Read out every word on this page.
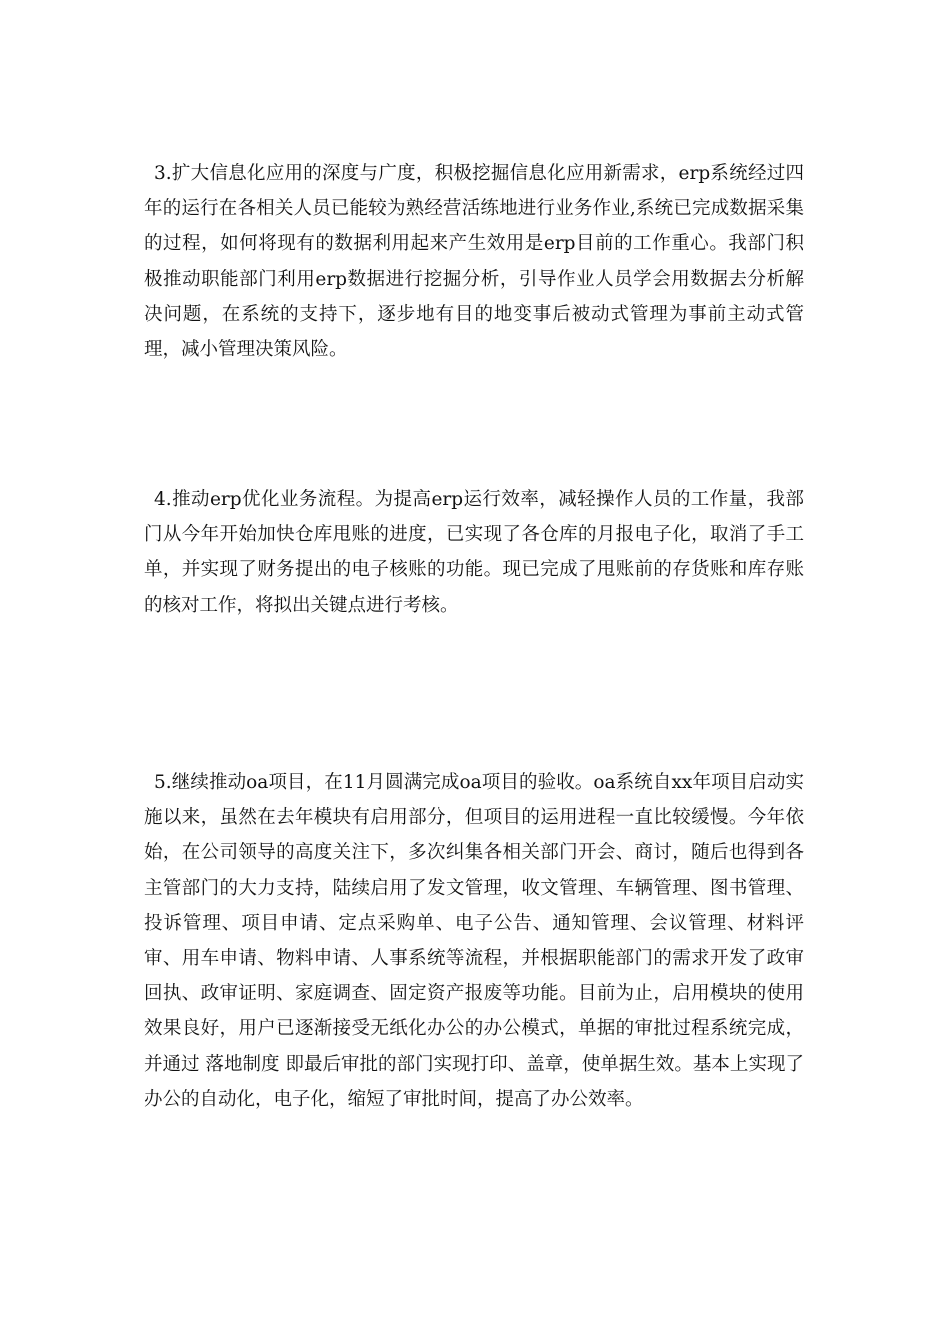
3.扩大信息化应用的深度与广度，积极挖掘信息化应用新需求，erp系统经过四年的运行在各相关人员已能较为熟经营活练地进行业务作业,系统已完成数据采集的过程，如何将现有的数据利用起来产生效用是erp目前的工作重心。我部门积极推动职能部门利用erp数据进行挖掘分析，引导作业人员学会用数据去分析解决问题，在系统的支持下，逐步地有目的地变事后被动式管理为事前主动式管理，减小管理决策风险。

4.推动erp优化业务流程。为提高erp运行效率，减轻操作人员的工作量，我部门从今年开始加快仓库甩账的进度，已实现了各仓库的月报电子化，取消了手工单，并实现了财务提出的电子核账的功能。现已完成了甩账前的存货账和库存账的核对工作，将拟出关键点进行考核。

5.继续推动oa项目，在11月圆满完成oa项目的验收。oa系统自xx年项目启动实施以来，虽然在去年模块有启用部分，但项目的运用进程一直比较缓慢。今年依始，在公司领导的高度关注下，多次纠集各相关部门开会、商讨，随后也得到各主管部门的大力支持，陆续启用了发文管理，收文管理、车辆管理、图书管理、投诉管理、项目申请、定点采购单、电子公告、通知管理、会议管理、材料评审、用车申请、物料申请、人事系统等流程，并根据职能部门的需求开发了政审回执、政审证明、家庭调查、固定资产报废等功能。目前为止，启用模块的使用效果良好，用户已逐渐接受无纸化办公的办公模式，单据的审批过程系统完成，并通过 落地制度 即最后审批的部门实现打印、盖章，使单据生效。基本上实现了办公的自动化，电子化，缩短了审批时间，提高了办公效率。
